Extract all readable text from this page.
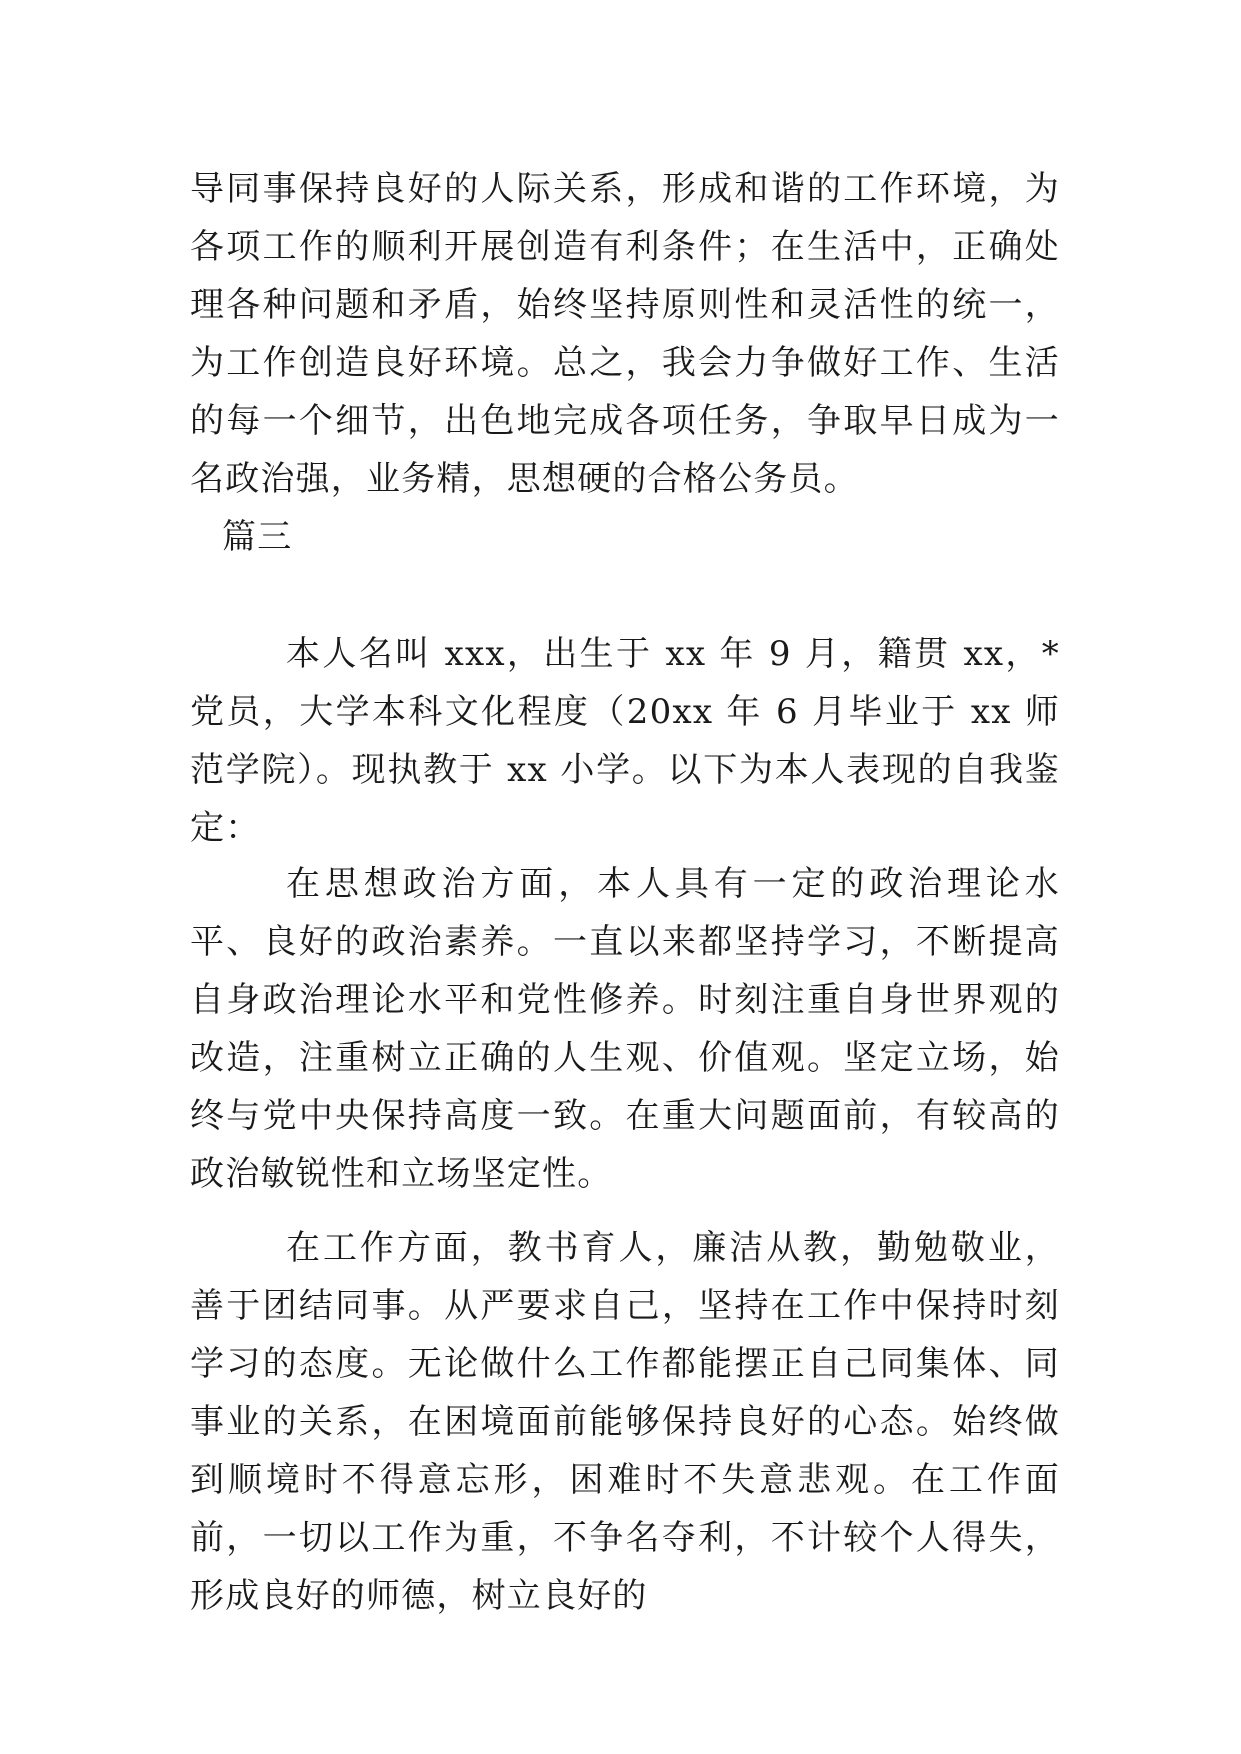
导同事保持良好的人际关系，形成和谐的工作环境，为各项工作的顺利开展创造有利条件；在生活中，正确处理各种问题和矛盾，始终坚持原则性和灵活性的统一，为工作创造良好环境。总之，我会力争做好工作、生活的每一个细节，出色地完成各项任务，争取早日成为一名政治强，业务精，思想硬的合格公务员。
篇三
本人名叫 xxx，出生于 xx 年 9 月，籍贯 xx，*党员，大学本科文化程度（20xx 年 6 月毕业于 xx 师范学院）。现执教于 xx 小学。以下为本人表现的自我鉴定：
在思想政治方面，本人具有一定的政治理论水平、良好的政治素养。一直以来都坚持学习，不断提高自身政治理论水平和党性修养。时刻注重自身世界观的改造，注重树立正确的人生观、价值观。坚定立场，始终与党中央保持高度一致。在重大问题面前，有较高的政治敏锐性和立场坚定性。
在工作方面，教书育人，廉洁从教，勤勉敬业，善于团结同事。从严要求自己，坚持在工作中保持时刻学习的态度。无论做什么工作都能摆正自己同集体、同事业的关系，在困境面前能够保持良好的心态。始终做到顺境时不得意忘形，困难时不失意悲观。在工作面前，一切以工作为重，不争名夺利，不计较个人得失，形成良好的师德，树立良好的
